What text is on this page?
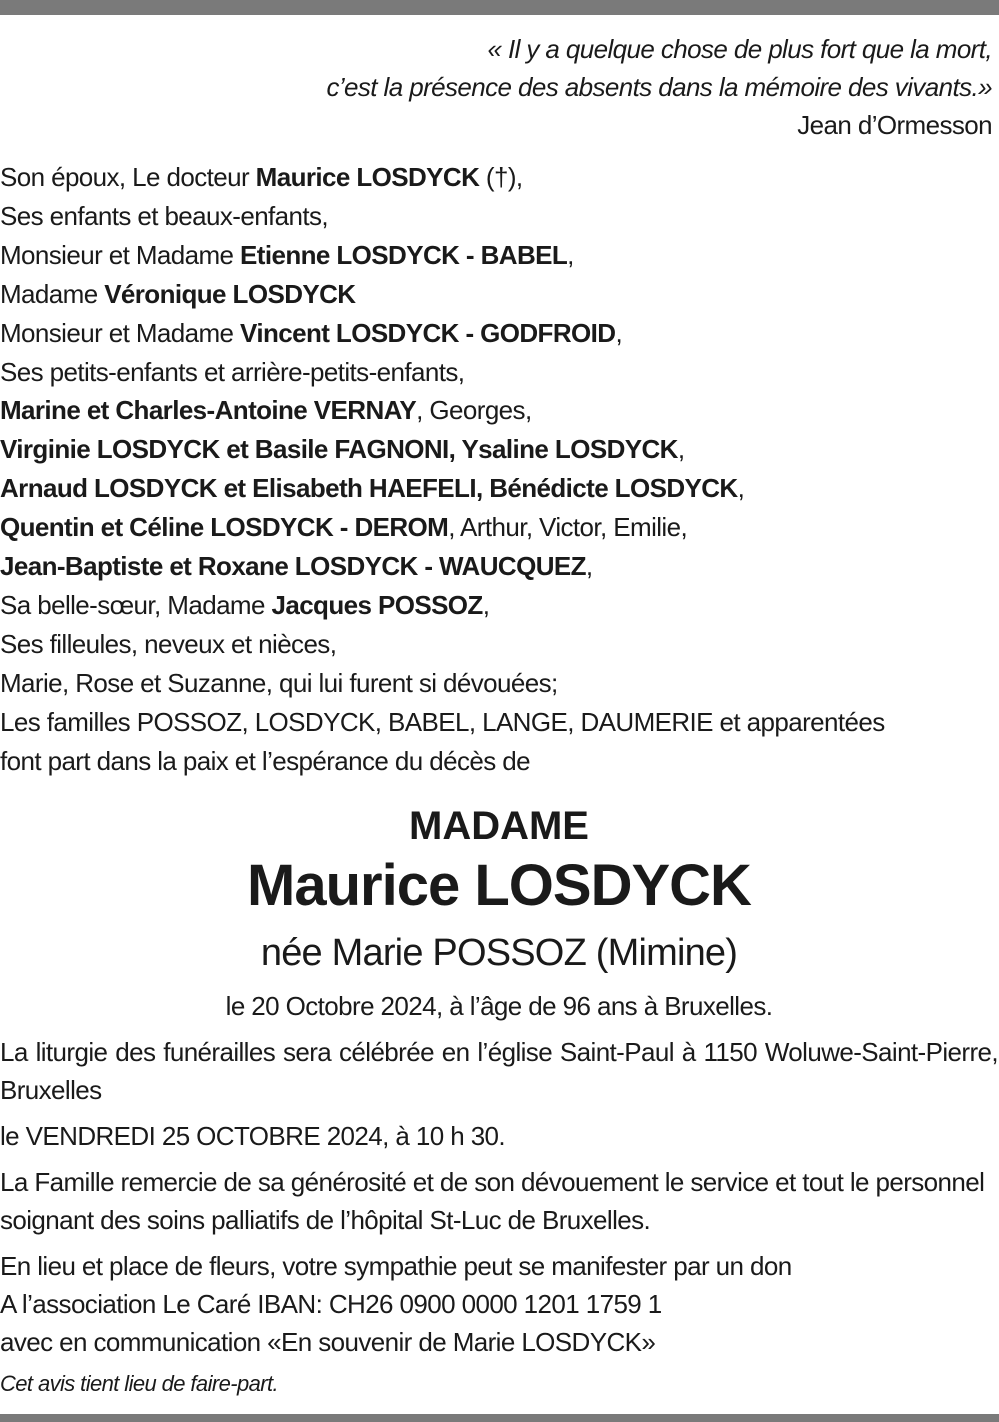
« Il y a quelque chose de plus fort que la mort,
c’est la présence des absents dans la mémoire des vivants.»
Jean d’Ormesson
Son époux, Le docteur Maurice LOSDYCK (†),
Ses enfants et beaux-enfants,
Monsieur et Madame Etienne LOSDYCK - BABEL,
Madame Véronique LOSDYCK
Monsieur et Madame Vincent LOSDYCK - GODFROID,
Ses petits-enfants et arrière-petits-enfants,
Marine et Charles-Antoine VERNAY, Georges,
Virginie LOSDYCK et Basile FAGNONI, Ysaline LOSDYCK,
Arnaud LOSDYCK et Elisabeth HAEFELI, Bénédicte LOSDYCK,
Quentin et Céline LOSDYCK - DEROM, Arthur, Victor, Emilie,
Jean-Baptiste et Roxane LOSDYCK - WAUCQUEZ,
Sa belle-sœur, Madame Jacques POSSOZ,
Ses filleules, neveux et nièces,
Marie, Rose et Suzanne, qui lui furent si dévouées;
Les familles POSSOZ, LOSDYCK, BABEL, LANGE, DAUMERIE et apparentées
font part dans la paix et l’espérance du décès de
MADAME
Maurice LOSDYCK
née Marie POSSOZ (Mimine)
le 20 Octobre 2024, à l’âge de 96 ans à Bruxelles.
La liturgie des funérailles sera célébrée en l’église Saint-Paul à 1150 Woluwe-Saint-Pierre, Bruxelles
le VENDREDI 25 OCTOBRE 2024, à 10 h 30.
La Famille remercie de sa générosité et de son dévouement le service et tout le personnel soignant des soins palliatifs de l’hôpital St-Luc de Bruxelles.
En lieu et place de fleurs, votre sympathie peut se manifester par un don
A l’association Le Caré IBAN: CH26 0900 0000 1201 1759 1
avec en communication «En souvenir de Marie LOSDYCK»
Cet avis tient lieu de faire-part.
